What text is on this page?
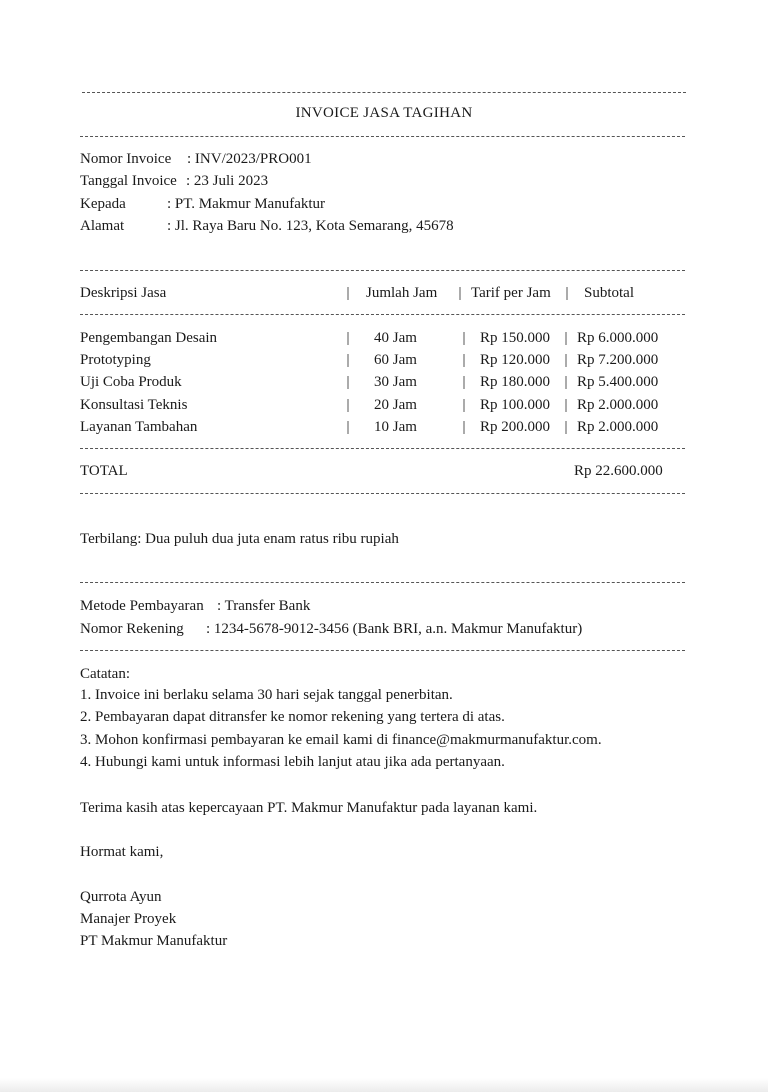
INVOICE JASA TAGIHAN
Nomor Invoice : INV/2023/PRO001
Tanggal Invoice : 23 Juli 2023
Kepada	: PT. Makmur Manufaktur
Alamat	: Jl. Raya Baru No. 123, Kota Semarang, 45678
Deskripsi Jasa	| Jumlah Jam | Tarif per Jam | Subtotal
Pengembangan Desain	| 40 Jam	| Rp 150.000 | Rp 6.000.000
Prototyping	| 60 Jam	| Rp 120.000 | Rp 7.200.000
Uji Coba Produk	| 30 Jam	| Rp 180.000 | Rp 5.400.000
Konsultasi Teknis	| 20 Jam	| Rp 100.000 | Rp 2.000.000
Layanan Tambahan	| 10 Jam	| Rp 200.000 | Rp 2.000.000
TOTAL	Rp 22.600.000
Terbilang: Dua puluh dua juta enam ratus ribu rupiah
Metode Pembayaran : Transfer Bank
Nomor Rekening : 1234-5678-9012-3456 (Bank BRI, a.n. Makmur Manufaktur)
Catatan:
1. Invoice ini berlaku selama 30 hari sejak tanggal penerbitan.
2. Pembayaran dapat ditransfer ke nomor rekening yang tertera di atas.
3. Mohon konfirmasi pembayaran ke email kami di finance@makmurmanufaktur.com.
4. Hubungi kami untuk informasi lebih lanjut atau jika ada pertanyaan.
Terima kasih atas kepercayaan PT. Makmur Manufaktur pada layanan kami.
Hormat kami,
Qurrota Ayun
Manajer Proyek
PT Makmur Manufaktur
